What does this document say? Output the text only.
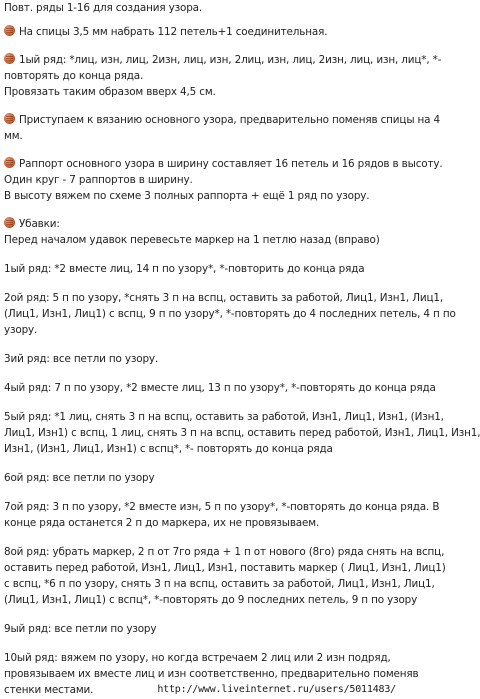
Повт. ряды 1-16 для создания узора.
На спицы 3,5 мм набрать 112 петель+1 соединительная.
1ый ряд: *лиц, изн, лиц, 2изн, лиц, изн, 2лиц, изн, лиц, 2изн, лиц, изн, лиц*, *-
повторять до конца ряда.
Провязать таким образом вверх 4,5 см.
Приступаем к вязанию основного узора, предварительно поменяв спицы на 4
мм.
Раппорт основного узора в ширину составляет 16 петель и 16 рядов в высоту.
Один круг - 7 раппортов в ширину.
В высоту вяжем по схеме 3 полных раппорта + ещё 1 ряд по узору.
Убавки:
Перед началом удавок перевесьте маркер на 1 петлю назад (вправо)
1ый ряд: *2 вместе лиц, 14 п по узору*, *-повторить до конца ряда
2ой ряд: 5 п по узору, *снять 3 п на вспц, оставить за работой, Лиц1, Изн1, Лиц1,
(Лиц1, Изн1, Лиц1) с вспц, 9 п по узору*, *-повторять до 4 последних петель, 4 п по
узору.
3ий ряд: все петли по узору.
4ый ряд: 7 п по узору, *2 вместе лиц, 13 п по узору*, *-повторять до конца ряда
5ый ряд: *1 лиц, снять 3 п на вспц, оставить за работой, Изн1, Лиц1, Изн1, (Изн1,
Лиц1, Изн1) с вспц, 1 лиц, снять 3 п на вспц, оставить перед работой, Изн1, Лиц1, Изн1,
Изн1, (Изн1, Лиц1, Изн1) с вспц*, *- повторять до конца ряда
6ой ряд: все петли по узору
7ой ряд: 3 п по узору, *2 вместе изн, 5 п по узору*, *-повторять до конца ряда. В
конце ряда останется 2 п до маркера, их не провязываем.
8ой ряд: убрать маркер, 2 п от 7го ряда + 1 п от нового (8го) ряда снять на вспц,
оставить перед работой, Изн1, Лиц1, Изн1, поставить маркер ( Лиц1, Изн1, Лиц1)
с вспц, *6 п по узору, снять 3 п на вспц, оставить за работой, Лиц1, Изн1, Лиц1,
(Лиц1, Изн1, Лиц1) с вспц*, *-повторять до 9 последних петель, 9 п по узору
9ый ряд: все петли по узору
10ый ряд: вяжем по узору, но когда встречаем 2 лиц или 2 изн подряд,
провязываем их вместе лиц и изн соответственно, предварительно поменяв
стенки местами.	http://www.liveinternet.ru/users/5011483/
